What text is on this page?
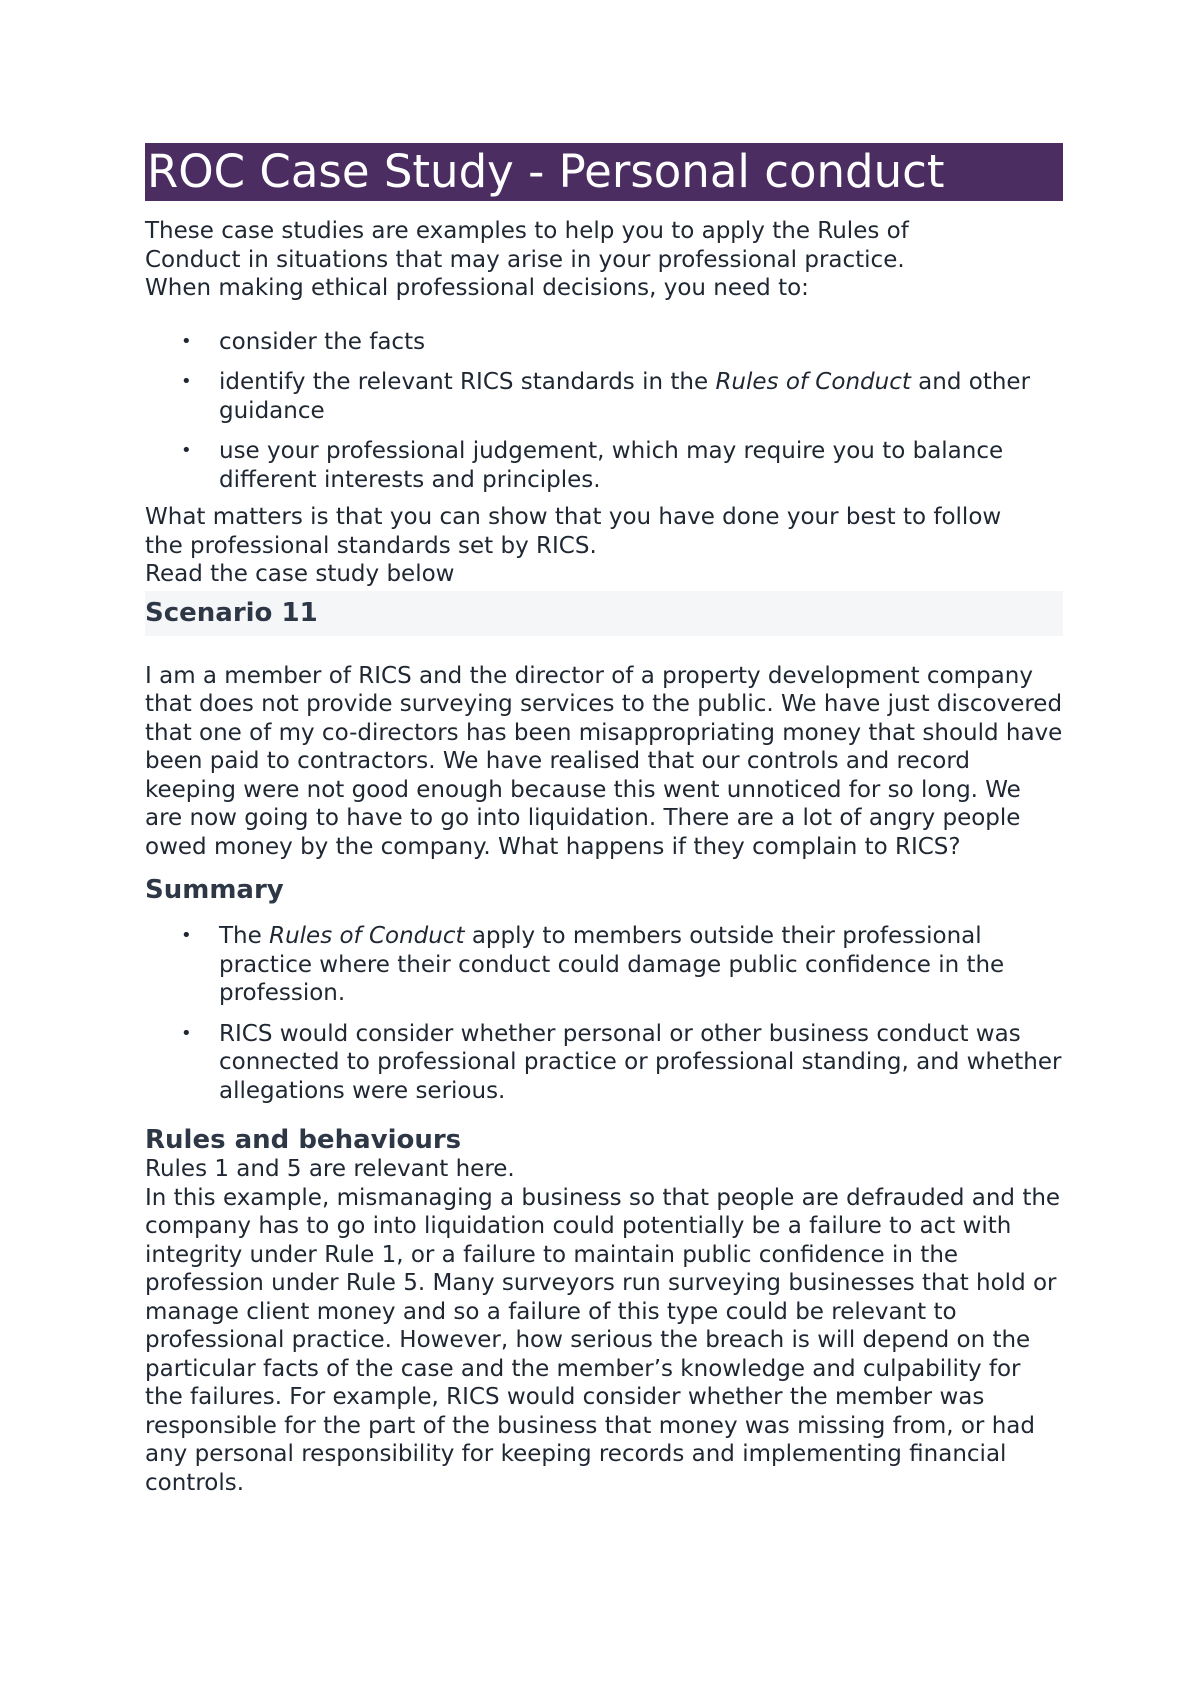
ROC Case Study - Personal conduct

These case studies are examples to help you to apply the Rules of
Conduct in situations that may arise in your professional practice.
When making ethical professional decisions, you need to:

• consider the facts
• identify the relevant RICS standards in the Rules of Conduct and other guidance
• use your professional judgement, which may require you to balance different interests and principles.

What matters is that you can show that you have done your best to follow
the professional standards set by RICS.
Read the case study below

Scenario 11

I am a member of RICS and the director of a property development company that does not provide surveying services to the public. We have just discovered that one of my co-directors has been misappropriating money that should have been paid to contractors. We have realised that our controls and record keeping were not good enough because this went unnoticed for so long. We are now going to have to go into liquidation. There are a lot of angry people owed money by the company. What happens if they complain to RICS?

Summary
• The Rules of Conduct apply to members outside their professional practice where their conduct could damage public confidence in the profession.
• RICS would consider whether personal or other business conduct was connected to professional practice or professional standing, and whether allegations were serious.
Rules and behaviours

Rules 1 and 5 are relevant here.
In this example, mismanaging a business so that people are defrauded and the company has to go into liquidation could potentially be a failure to act with integrity under Rule 1, or a failure to maintain public confidence in the profession under Rule 5. Many surveyors run surveying businesses that hold or manage client money and so a failure of this type could be relevant to professional practice. However, how serious the breach is will depend on the particular facts of the case and the member’s knowledge and culpability for the failures. For example, RICS would consider whether the member was responsible for the part of the business that money was missing from, or had any personal responsibility for keeping records and implementing financial controls.
